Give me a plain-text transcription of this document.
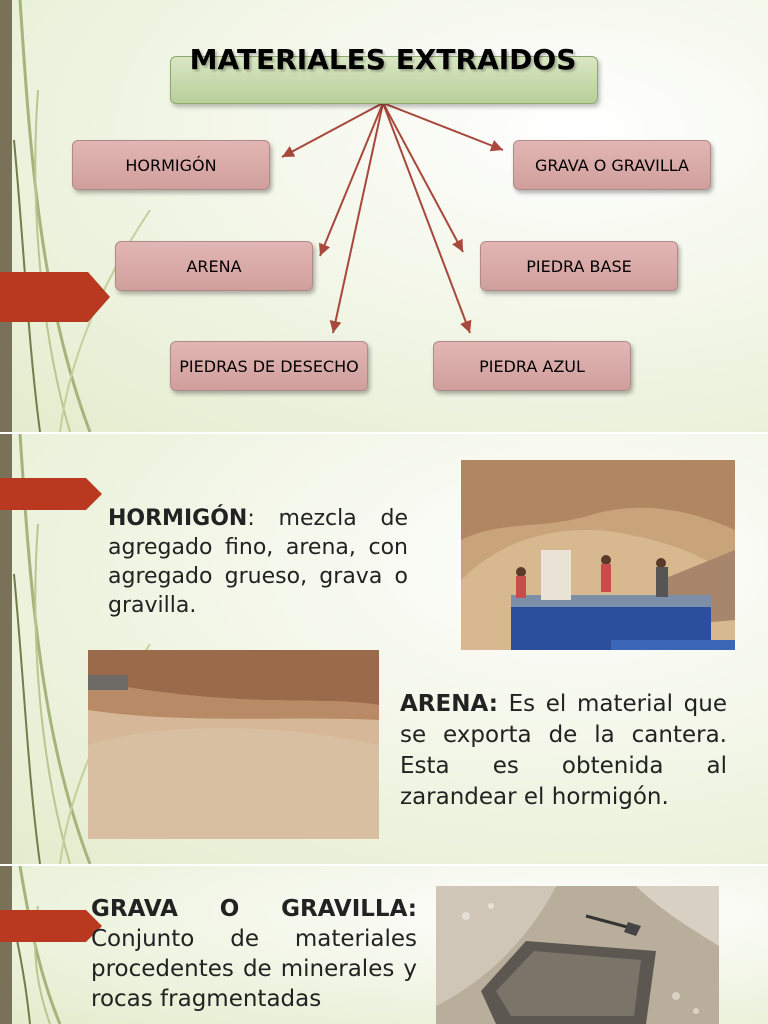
MATERIALES EXTRAIDOS
HORMIGÓN	GRAVA O GRAVILLA
ARENA	PIEDRA BASE
PIEDRAS DE DESECHO	PIEDRA AZUL
HORMIGÓN: mezcla de agregado fino, arena, con agregado grueso, grava o gravilla.
ARENA: Es el material que se exporta de la cantera. Esta es obtenida al zarandear el hormigón.
GRAVA O GRAVILLA: Conjunto de materiales procedentes de minerales y rocas fragmentadas
